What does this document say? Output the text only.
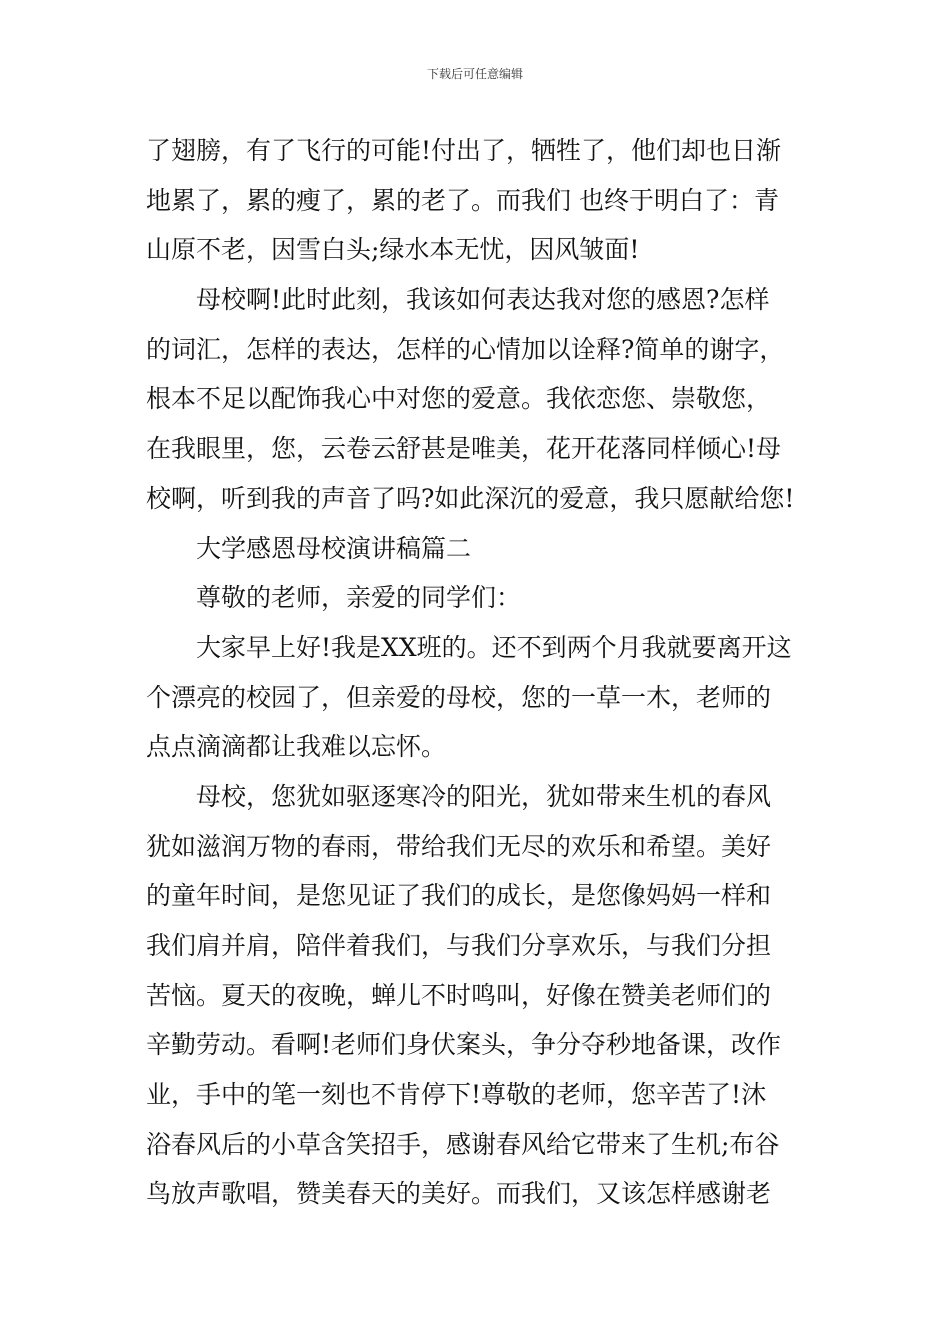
下载后可任意编辑
了翅膀，有了飞行的可能!付出了，牺牲了，他们却也日渐
地累了，累的瘦了，累的老了。而我们 也终于明白了：青
山原不老，因雪白头;绿水本无忧，因风皱面!
　　母校啊!此时此刻，我该如何表达我对您的感恩?怎样
的词汇，怎样的表达，怎样的心情加以诠释?简单的谢字，
根本不足以配饰我心中对您的爱意。我依恋您、崇敬您，
在我眼里，您，云卷云舒甚是唯美，花开花落同样倾心!母
校啊，听到我的声音了吗?如此深沉的爱意，我只愿献给您!
　　大学感恩母校演讲稿篇二
　　尊敬的老师，亲爱的同学们：
　　大家早上好!我是XX班的。还不到两个月我就要离开这
个漂亮的校园了，但亲爱的母校，您的一草一木，老师的
点点滴滴都让我难以忘怀。
　　母校，您犹如驱逐寒冷的阳光，犹如带来生机的春风
犹如滋润万物的春雨，带给我们无尽的欢乐和希望。美好
的童年时间，是您见证了我们的成长，是您像妈妈一样和
我们肩并肩，陪伴着我们，与我们分享欢乐，与我们分担
苦恼。夏天的夜晚，蝉儿不时鸣叫，好像在赞美老师们的
辛勤劳动。看啊!老师们身伏案头，争分夺秒地备课，改作
业，手中的笔一刻也不肯停下!尊敬的老师，您辛苦了!沐
浴春风后的小草含笑招手，感谢春风给它带来了生机;布谷
鸟放声歌唱，赞美春天的美好。而我们，又该怎样感谢老
